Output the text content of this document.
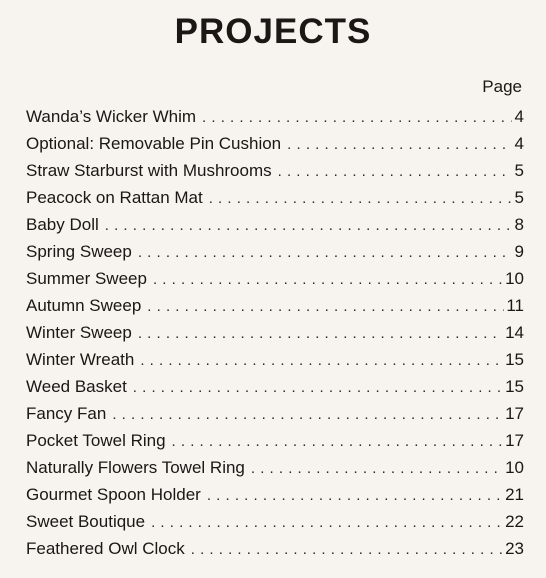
PROJECTS
Page
Wanda’s Wicker Whim . . .	4
Optional: Removable Pin Cushion . . .	4
Straw Starburst with Mushrooms . . .	5
Peacock on Rattan Mat . . .	5
Baby Doll . . .	8
Spring Sweep . . .	9
Summer Sweep . . .	10
Autumn Sweep . . .	11
Winter Sweep . . .	14
Winter Wreath . . .	15
Weed Basket . . .	15
Fancy Fan . . .	17
Pocket Towel Ring . . .	17
Naturally Flowers Towel Ring . . .	10
Gourmet Spoon Holder . . .	21
Sweet Boutique . . .	22
Feathered Owl Clock . . .	23
